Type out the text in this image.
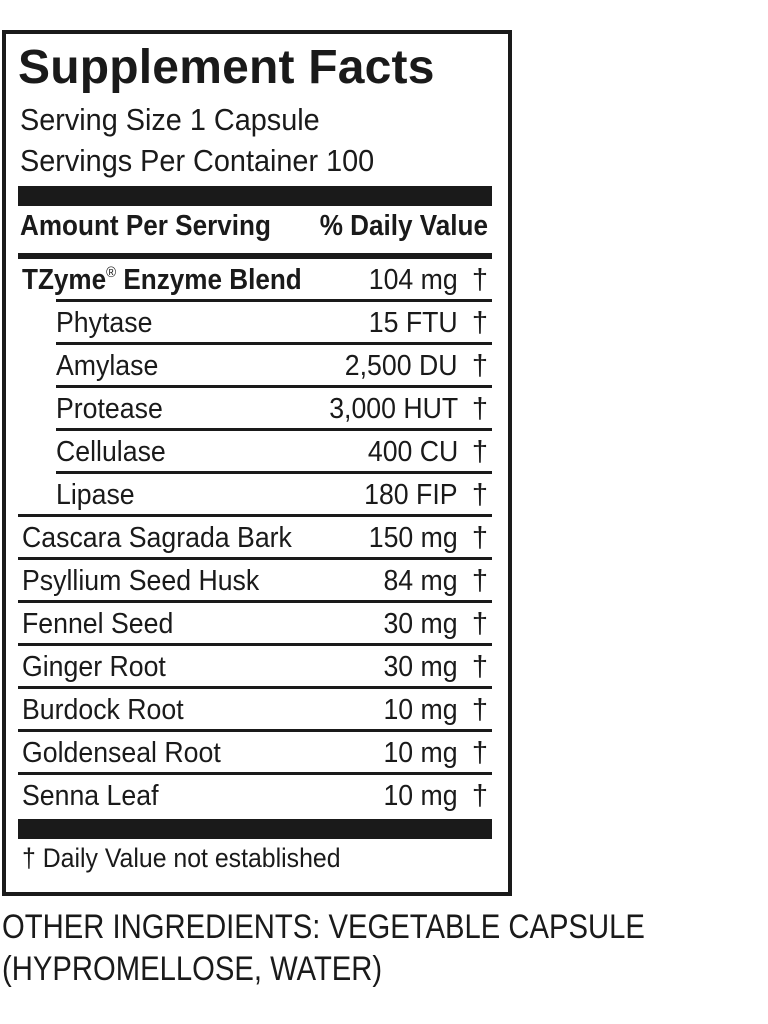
Supplement Facts
Serving Size 1 Capsule
Servings Per Container 100
Amount Per Serving % Daily Value
TZyme® Enzyme Blend 104 mg †
Phytase	15 FTU †
Amylase	2,500 DU †
Protease	3,000 HUT †
Cellulase	400 CU †
Lipase	180 FIP †
Cascara Sagrada Bark	150 mg †
Psyllium Seed Husk	84 mg †
Fennel Seed	30 mg †
Ginger Root	30 mg †
Burdock Root	10 mg †
Goldenseal Root	10 mg †
Senna Leaf	10 mg †
† Daily Value not established
OTHER INGREDIENTS: VEGETABLE CAPSULE
(HYPROMELLOSE, WATER)
